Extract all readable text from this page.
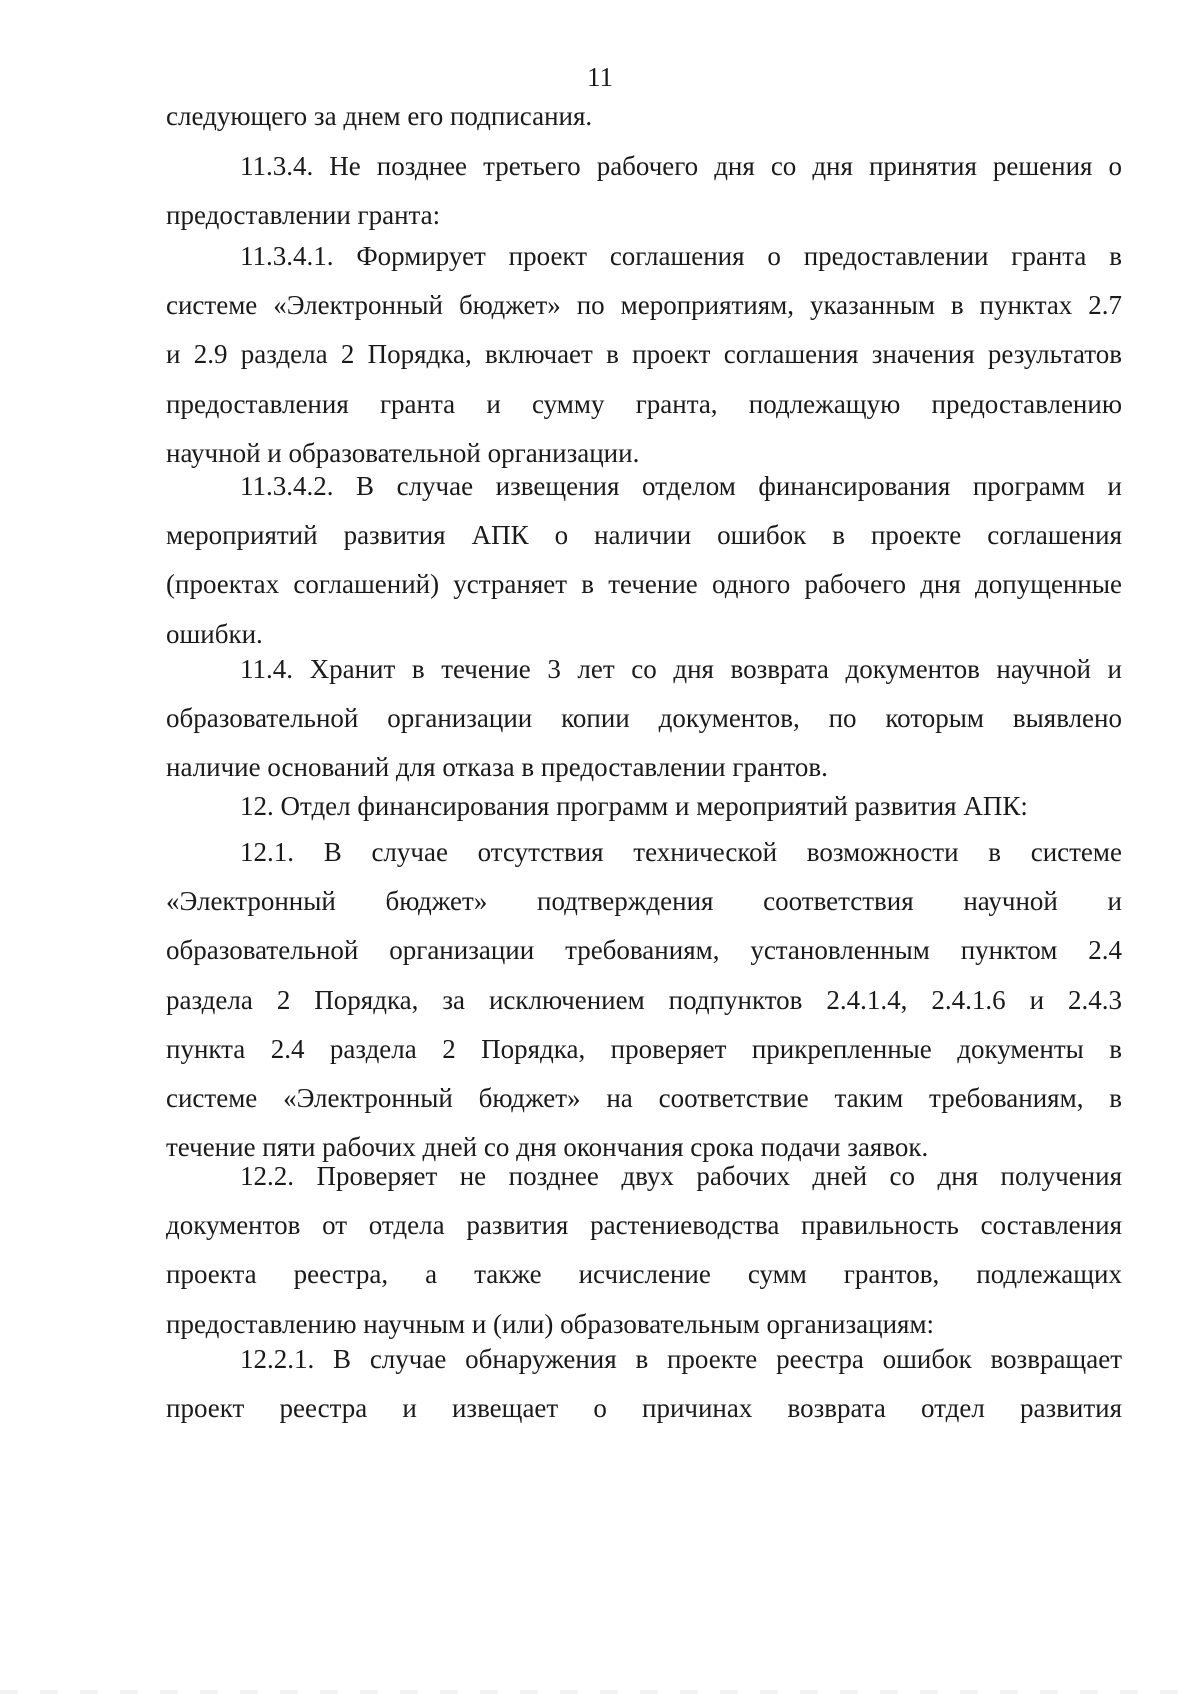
11

следующего за днем его подписания.

11.3.4. Не позднее третьего рабочего дня со дня принятия решения о
предоставлении гранта:

11.3.4.1. Формирует проект соглашения о предоставлении гранта в
системе «Электронный бюджет» по мероприятиям, указанным в пунктах 2.7
и 2.9 раздела 2 Порядка, включает в проект соглашения значения результатов
предоставления гранта и сумму гранта, подлежащую предоставлению
научной и образовательной организации.

11.3.4.2. В случае извещения отделом финансирования программ и
мероприятий развития АПК о наличии ошибок в проекте соглашения
(проектах соглашений) устраняет в течение одного рабочего дня допущенные
ошибки.

11.4. Хранит в течение 3 лет со дня возврата документов научной и
образовательной организации копии документов, по которым выявлено
наличие оснований для отказа в предоставлении грантов.

12. Отдел финансирования программ и мероприятий развития АПК:

12.1. В случае отсутствия технической возможности в системе
«Электронный бюджет» подтверждения соответствия научной и
образовательной организации требованиям, установленным пунктом 2.4
раздела 2 Порядка, за исключением подпунктов 2.4.1.4, 2.4.1.6 и 2.4.3
пункта 2.4 раздела 2 Порядка, проверяет прикрепленные документы в
системе «Электронный бюджет» на соответствие таким требованиям, в
течение пяти рабочих дней со дня окончания срока подачи заявок.

12.2. Проверяет не позднее двух рабочих дней со дня получения
документов от отдела развития растениеводства правильность составления
проекта реестра, а также исчисление сумм грантов, подлежащих
предоставлению научным и (или) образовательным организациям:

12.2.1. В случае обнаружения в проекте реестра ошибок возвращает
проект реестра и извещает о причинах возврата отдел развития
